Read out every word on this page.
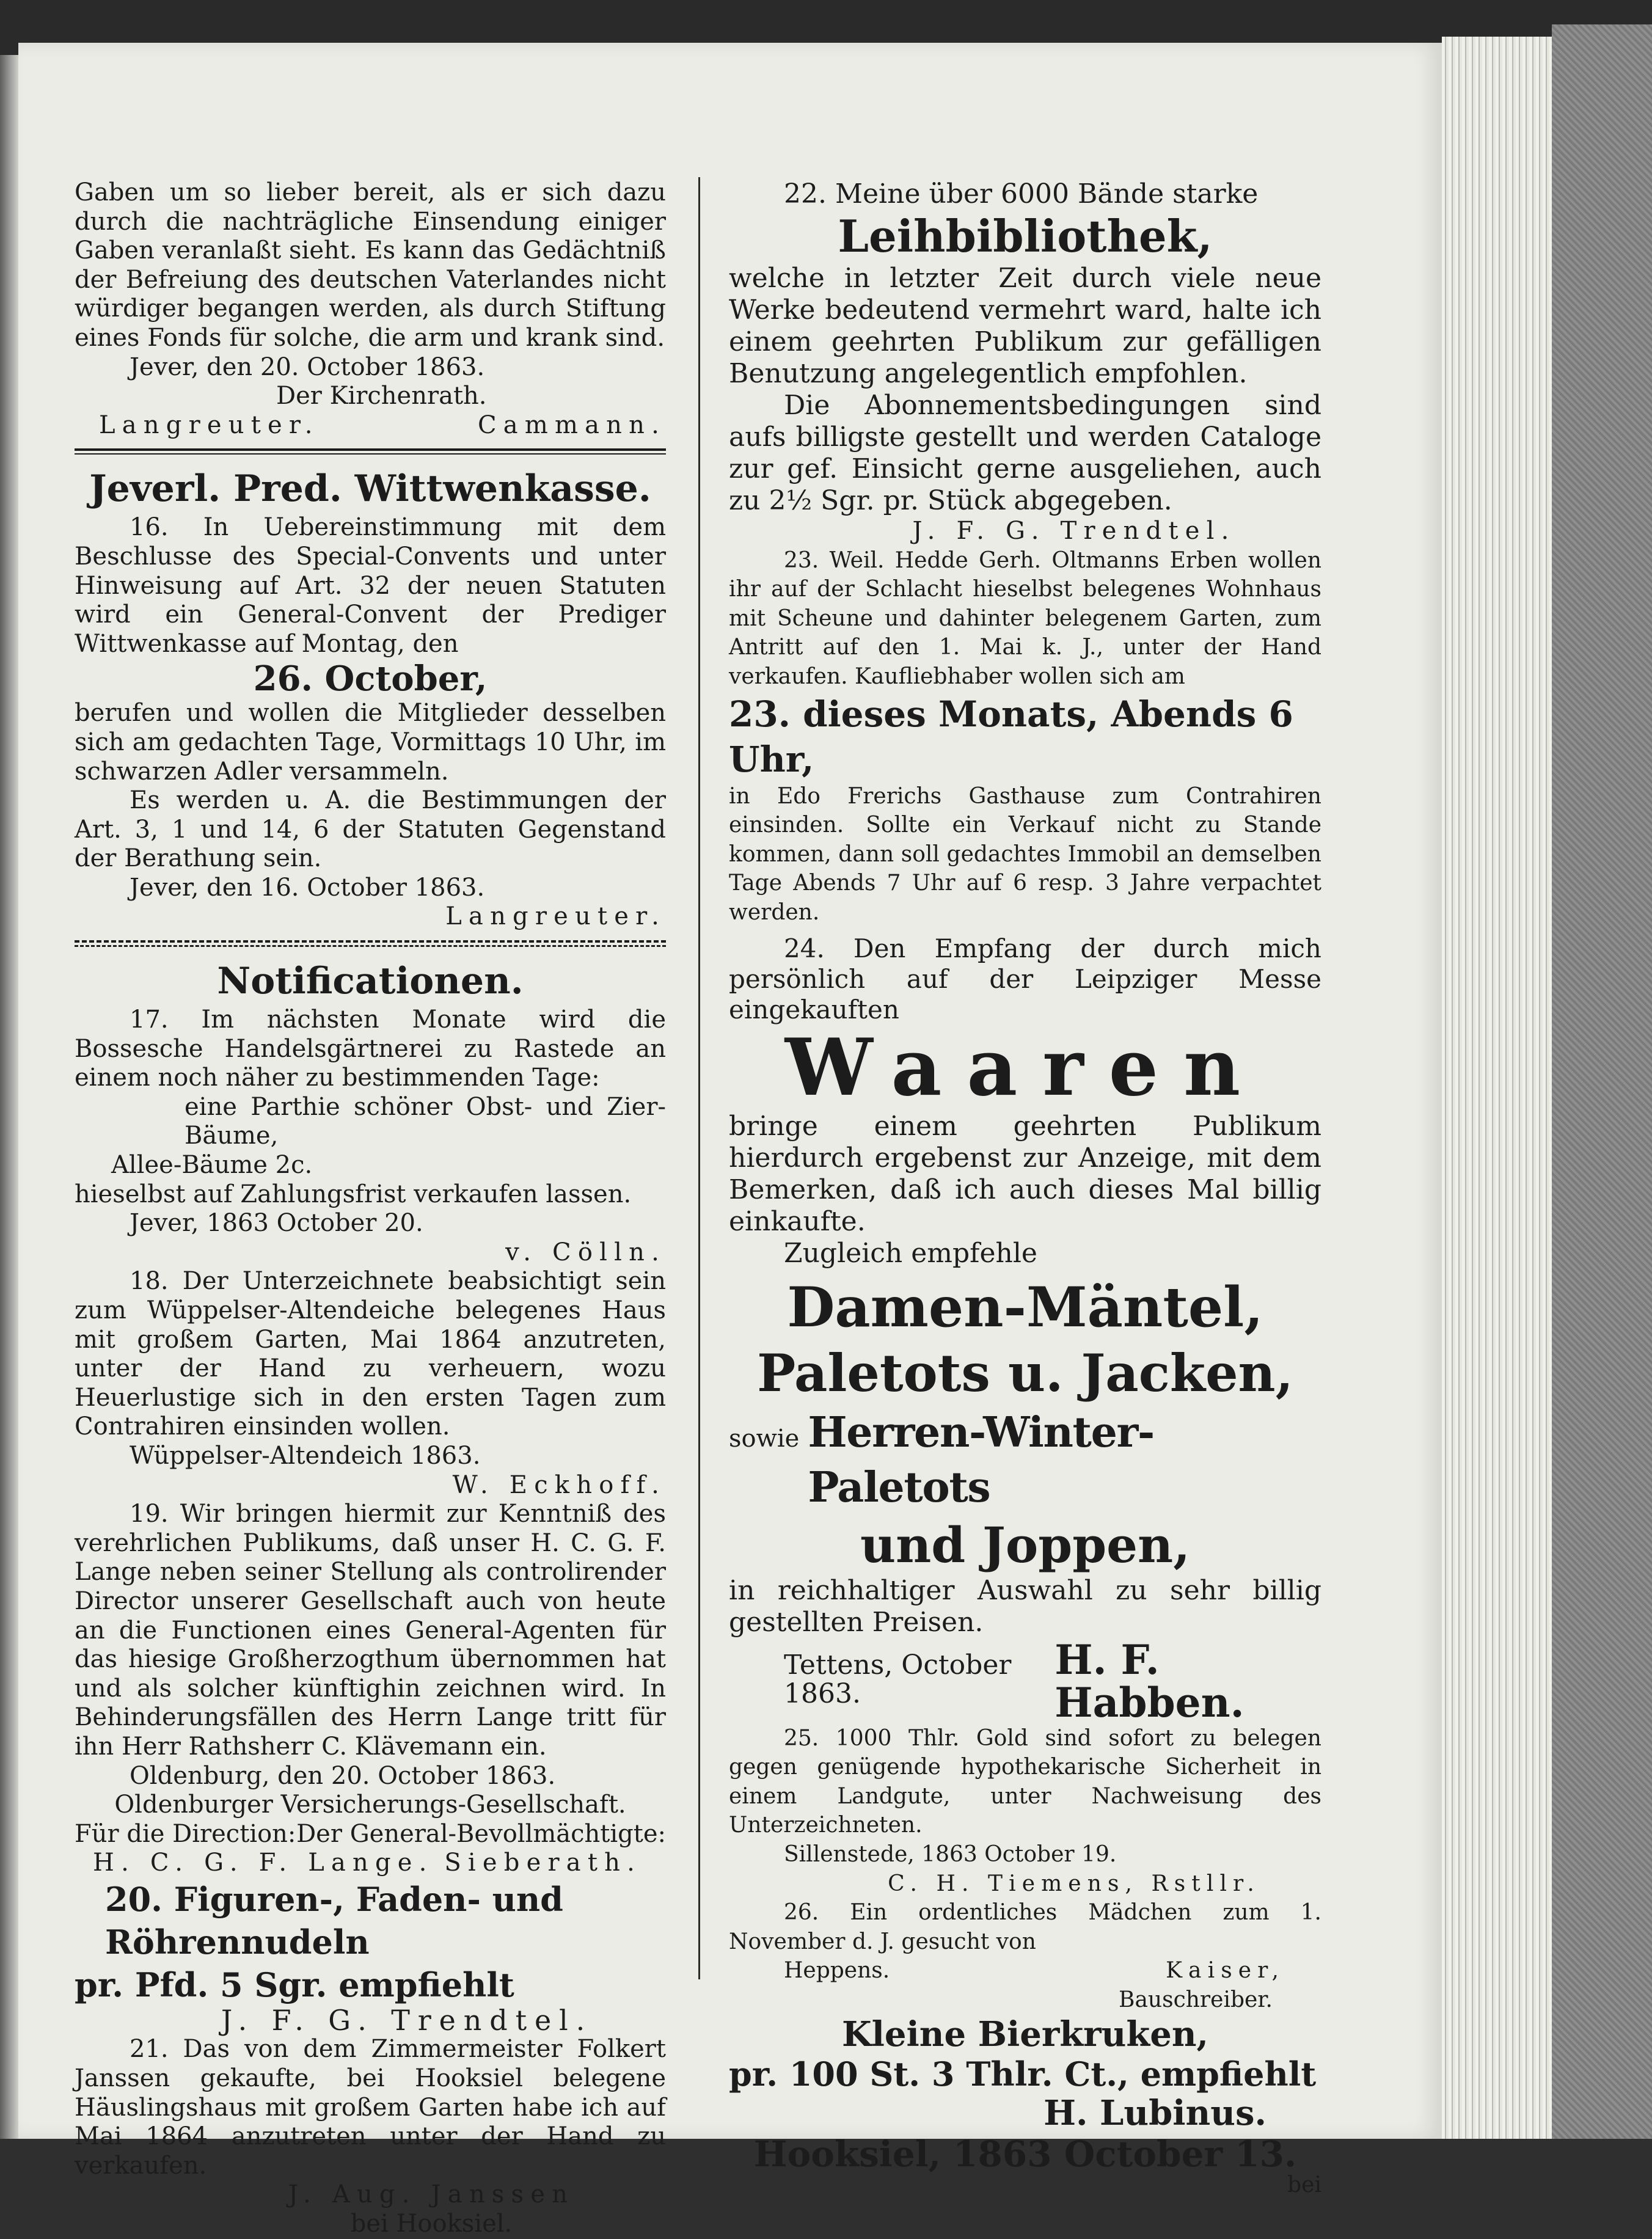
Gaben um so lieber bereit, als er sich dazu durch die nachträgliche Einsendung einiger Gaben veranlaßt sieht. Es kann das Gedächtniß der Befreiung des deutschen Vaterlandes nicht würdiger begangen werden, als durch Stiftung eines Fonds für solche, die arm und krank sind.

Jever, den 20. October 1863.

Der Kirchenrath.

Langreuter.	Cammann.

Jeverl. Pred. Wittwenkasse.

16. In Uebereinstimmung mit dem Beschlusse des Special-Convents und unter Hinweisung auf Art. 32 der neuen Statuten wird ein General-Convent der Prediger Wittwenkasse auf Montag, den

26. October,

berufen und wollen die Mitglieder desselben sich am gedachten Tage, Vormittags 10 Uhr, im schwarzen Adler versammeln.

Es werden u. A. die Bestimmungen der Art. 3, 1 und 14, 6 der Statuten Gegenstand der Berathung sein.

Jever, den 16. October 1863.

Langreuter.

Notificationen.

17. Im nächsten Monate wird die Bossesche Handelsgärtnerei zu Rastede an einem noch näher zu bestimmenden Tage:

eine Parthie schöner Obst- und Zier-Bäume,

Allee-Bäume 2c.

hieselbst auf Zahlungsfrist verkaufen lassen.

Jever, 1863 October 20.

v. Cölln.

18. Der Unterzeichnete beabsichtigt sein zum Wüppelser-Altendeiche belegenes Haus mit großem Garten, Mai 1864 anzutreten, unter der Hand zu verheuern, wozu Heuerlustige sich in den ersten Tagen zum Contrahiren einsinden wollen.

Wüppelser-Altendeich 1863.

W. Eckhoff.

19. Wir bringen hiermit zur Kenntniß des verehrlichen Publikums, daß unser H. C. G. F. Lange neben seiner Stellung als controlirender Director unserer Gesellschaft auch von heute an die Functionen eines General-Agenten für das hiesige Großherzogthum übernommen hat und als solcher künftighin zeichnen wird. In Behinderungsfällen des Herrn Lange tritt für ihn Herr Rathsherr C. Klävemann ein.

Oldenburg, den 20. October 1863.

Oldenburger Versicherungs-Gesellschaft.

Für die Direction: Der General-Bevollmächtigte:
H. C. G. F. Lange. Sieberath.

20. Figuren-, Faden- und Röhrennudeln

pr. Pfd. 5 Sgr. empfiehlt

J. F. G. Trendtel.

21. Das von dem Zimmermeister Folkert Janssen gekaufte, bei Hooksiel belegene Häuslingshaus mit großem Garten habe ich auf Mai 1864 anzutreten unter der Hand zu verkaufen.

J. Aug. Janssen

bei Hooksiel.

22. Meine über 6000 Bände starke

Leihbibliothek,

welche in letzter Zeit durch viele neue Werke bedeutend vermehrt ward, halte ich einem geehrten Publikum zur gefälligen Benutzung angelegentlich empfohlen.

Die Abonnementsbedingungen sind aufs billigste gestellt und werden Cataloge zur gef. Einsicht gerne ausgeliehen, auch zu 2½ Sgr. pr. Stück abgegeben.

J. F. G. Trendtel.

23. Weil. Hedde Gerh. Oltmanns Erben wollen ihr auf der Schlacht hieselbst belegenes Wohnhaus mit Scheune und dahinter belegenem Garten, zum Antritt auf den 1. Mai k. J., unter der Hand verkaufen. Kaufliebhaber wollen sich am

23. dieses Monats, Abends 6 Uhr,

in Edo Frerichs Gasthause zum Contrahiren einsinden. Sollte ein Verkauf nicht zu Stande kommen, dann soll gedachtes Immobil an demselben Tage Abends 7 Uhr auf 6 resp. 3 Jahre verpachtet werden.

24. Den Empfang der durch mich persönlich auf der Leipziger Messe eingekauften

Waaren

bringe einem geehrten Publikum hierdurch ergebenst zur Anzeige, mit dem Bemerken, daß ich auch dieses Mal billig einkaufte.

Zugleich empfehle

Damen-Mäntel,

Paletots u. Jacken,

sowie Herren-Winter-Paletots

und Joppen,

in reichhaltiger Auswahl zu sehr billig gestellten Preisen.

Tettens, October 1863.
H. F. Habben.

25. 1000 Thlr. Gold sind sofort zu belegen gegen genügende hypothekarische Sicherheit in einem Landgute, unter Nachweisung des Unterzeichneten.

Sillenstede, 1863 October 19.

C. H. Tiemens, Rstllr.

26. Ein ordentliches Mädchen zum 1. November d. J. gesucht von

Heppens.	Kaiser,

Bauschreiber.

Kleine Bierkruken,

pr. 100 St. 3 Thlr. Ct., empfiehlt

H. Lubinus.

Hooksiel, 1863 October 13.

bei
